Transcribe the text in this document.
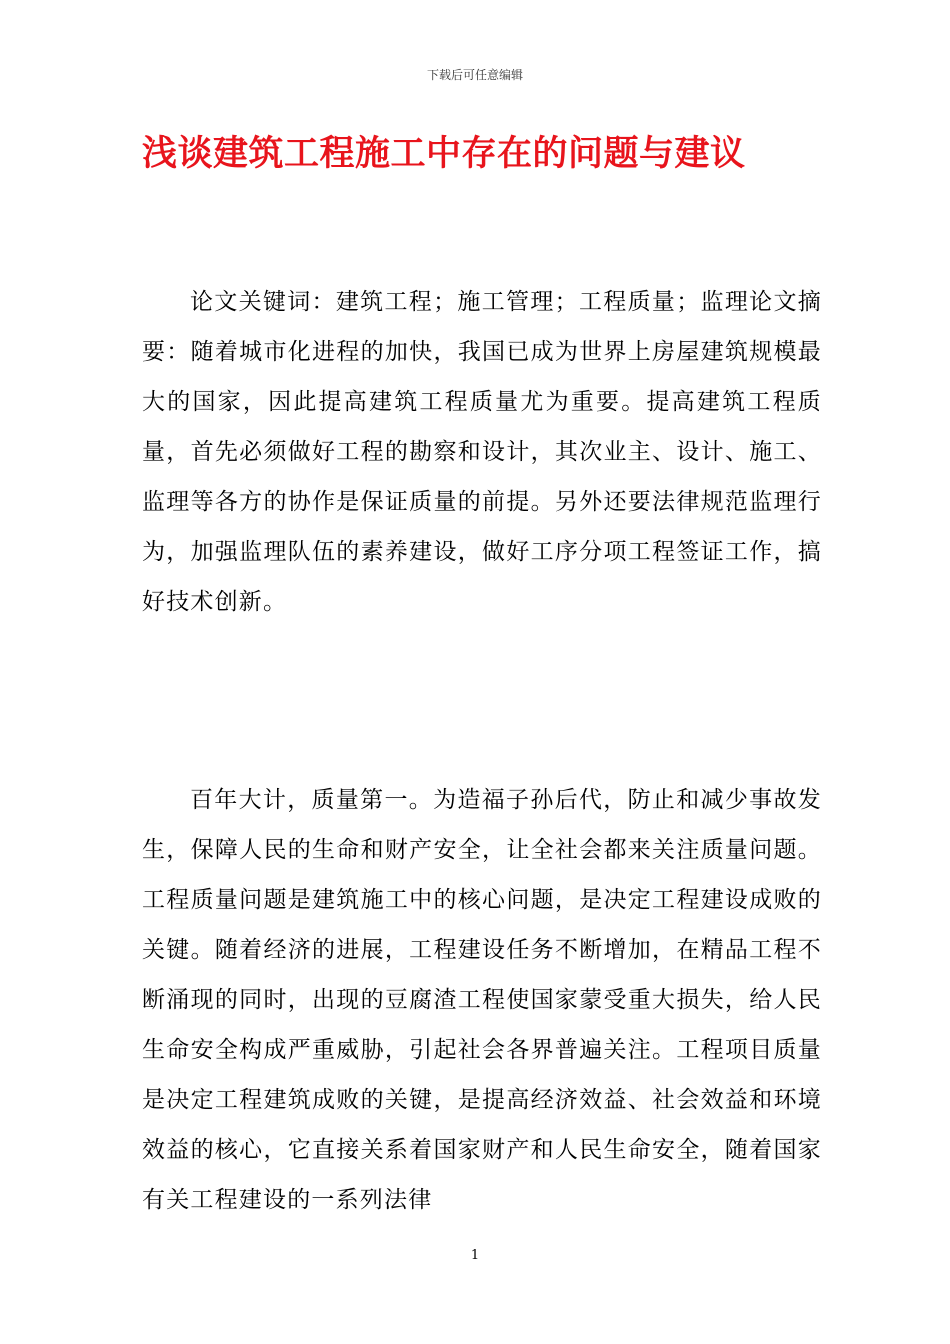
下载后可任意编辑
浅谈建筑工程施工中存在的问题与建议

论文关键词：建筑工程；施工管理；工程质量；监理论文摘要：随着城市化进程的加快，我国已成为世界上房屋建筑规模最大的国家，因此提高建筑工程质量尤为重要。提高建筑工程质量，首先必须做好工程的勘察和设计，其次业主、设计、施工、监理等各方的协作是保证质量的前提。另外还要法律规范监理行为，加强监理队伍的素养建设，做好工序分项工程签证工作，搞好技术创新。

百年大计，质量第一。为造福子孙后代，防止和减少事故发生，保障人民的生命和财产安全，让全社会都来关注质量问题。工程质量问题是建筑施工中的核心问题，是决定工程建设成败的关键。随着经济的进展，工程建设任务不断增加，在精品工程不断涌现的同时，出现的豆腐渣工程使国家蒙受重大损失，给人民生命安全构成严重威胁，引起社会各界普遍关注。工程项目质量是决定工程建筑成败的关键，是提高经济效益、社会效益和环境效益的核心，它直接关系着国家财产和人民生命安全，随着国家有关工程建设的一系列法律

1
